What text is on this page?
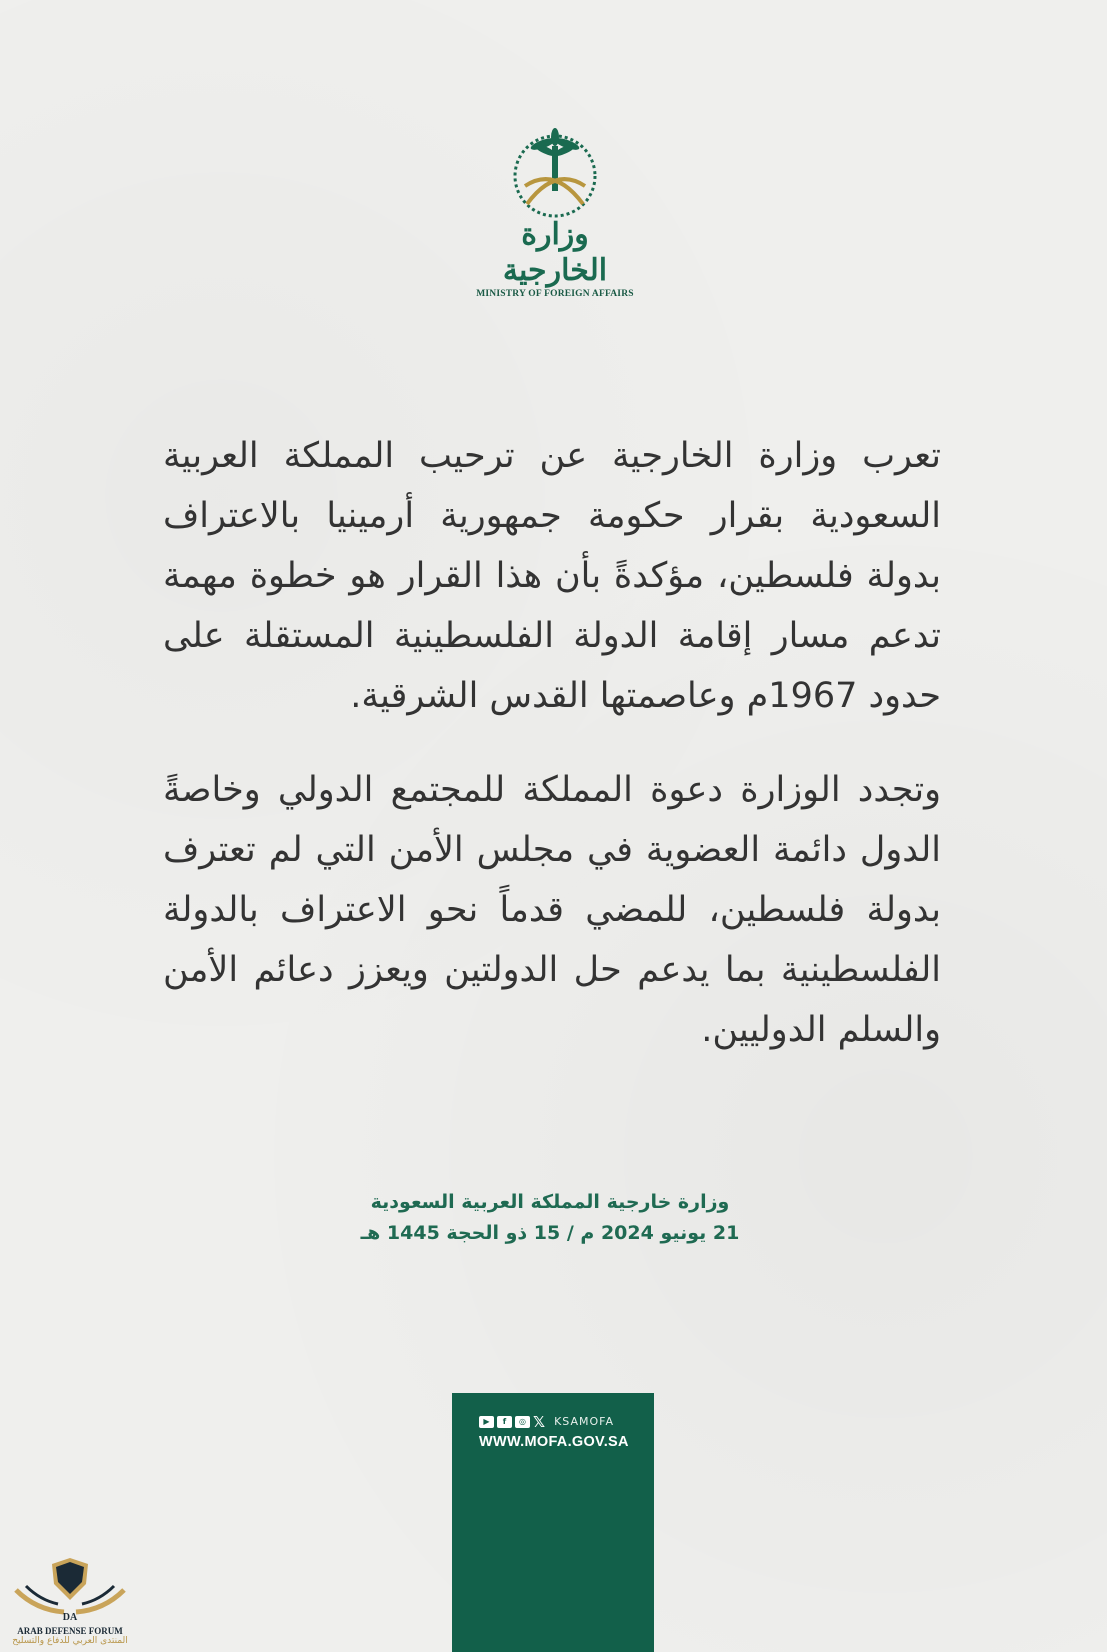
وزارة الخارجية
MINISTRY OF FOREIGN AFFAIRS

تعرب وزارة الخارجية عن ترحيب المملكة العربية السعودية بقرار حكومة جمهورية أرمينيا بالاعتراف بدولة فلسطين، مؤكدةً بأن هذا القرار هو خطوة مهمة تدعم مسار إقامة الدولة الفلسطينية المستقلة على حدود 1967م وعاصمتها القدس الشرقية.

وتجدد الوزارة دعوة المملكة للمجتمع الدولي وخاصةً الدول دائمة العضوية في مجلس الأمن التي لم تعترف بدولة فلسطين، للمضي قدماً نحو الاعتراف بالدولة الفلسطينية بما يدعم حل الدولتين ويعزز دعائم الأمن والسلم الدوليين.

وزارة خارجية المملكة العربية السعودية
21 يونيو 2024 م / 15 ذو الحجة 1445 هـ
▶	f	◎ 𝕏 KSAMOFA
WWW.MOFA.GOV.SA
DA
ARAB DEFENSE FORUM
المنتدى العربي للدفاع والتسليح
